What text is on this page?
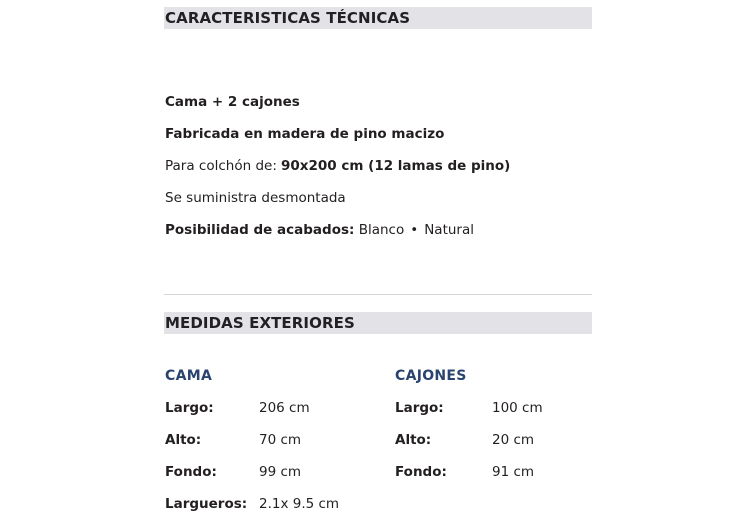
CARACTERISTICAS TÉCNICAS
Cama + 2 cajones
Fabricada en madera de pino macizo
Para colchón de: 90x200 cm (12 lamas de pino)
Se suministra desmontada
Posibilidad de acabados: Blanco • Natural
MEDIDAS EXTERIORES
CAMA
Largo:	206 cm
Alto:	70 cm
Fondo:	99 cm
Largueros: 2.1x 9.5 cm
CAJONES
Largo:	100 cm
Alto:	20 cm
Fondo:	91 cm
